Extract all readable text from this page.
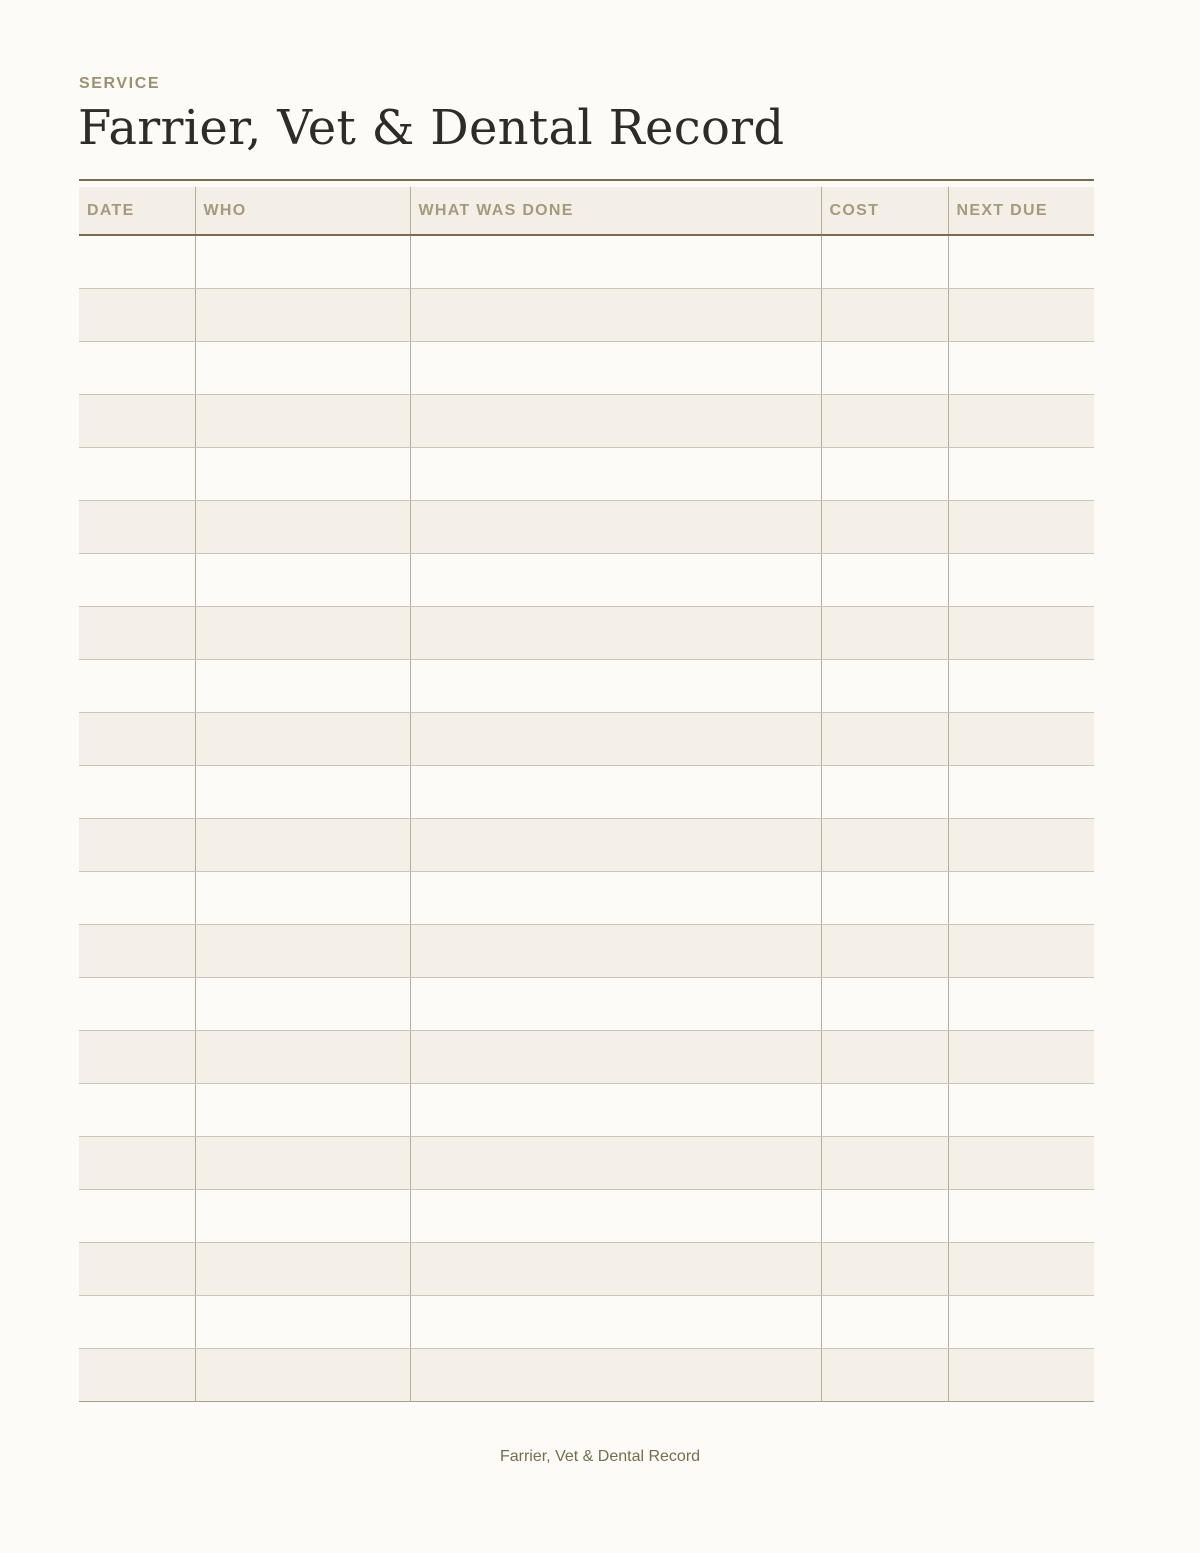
SERVICE
Farrier, Vet & Dental Record
DATE	WHO	WHAT WAS DONE	COST	NEXT DUE

Farrier, Vet & Dental Record
